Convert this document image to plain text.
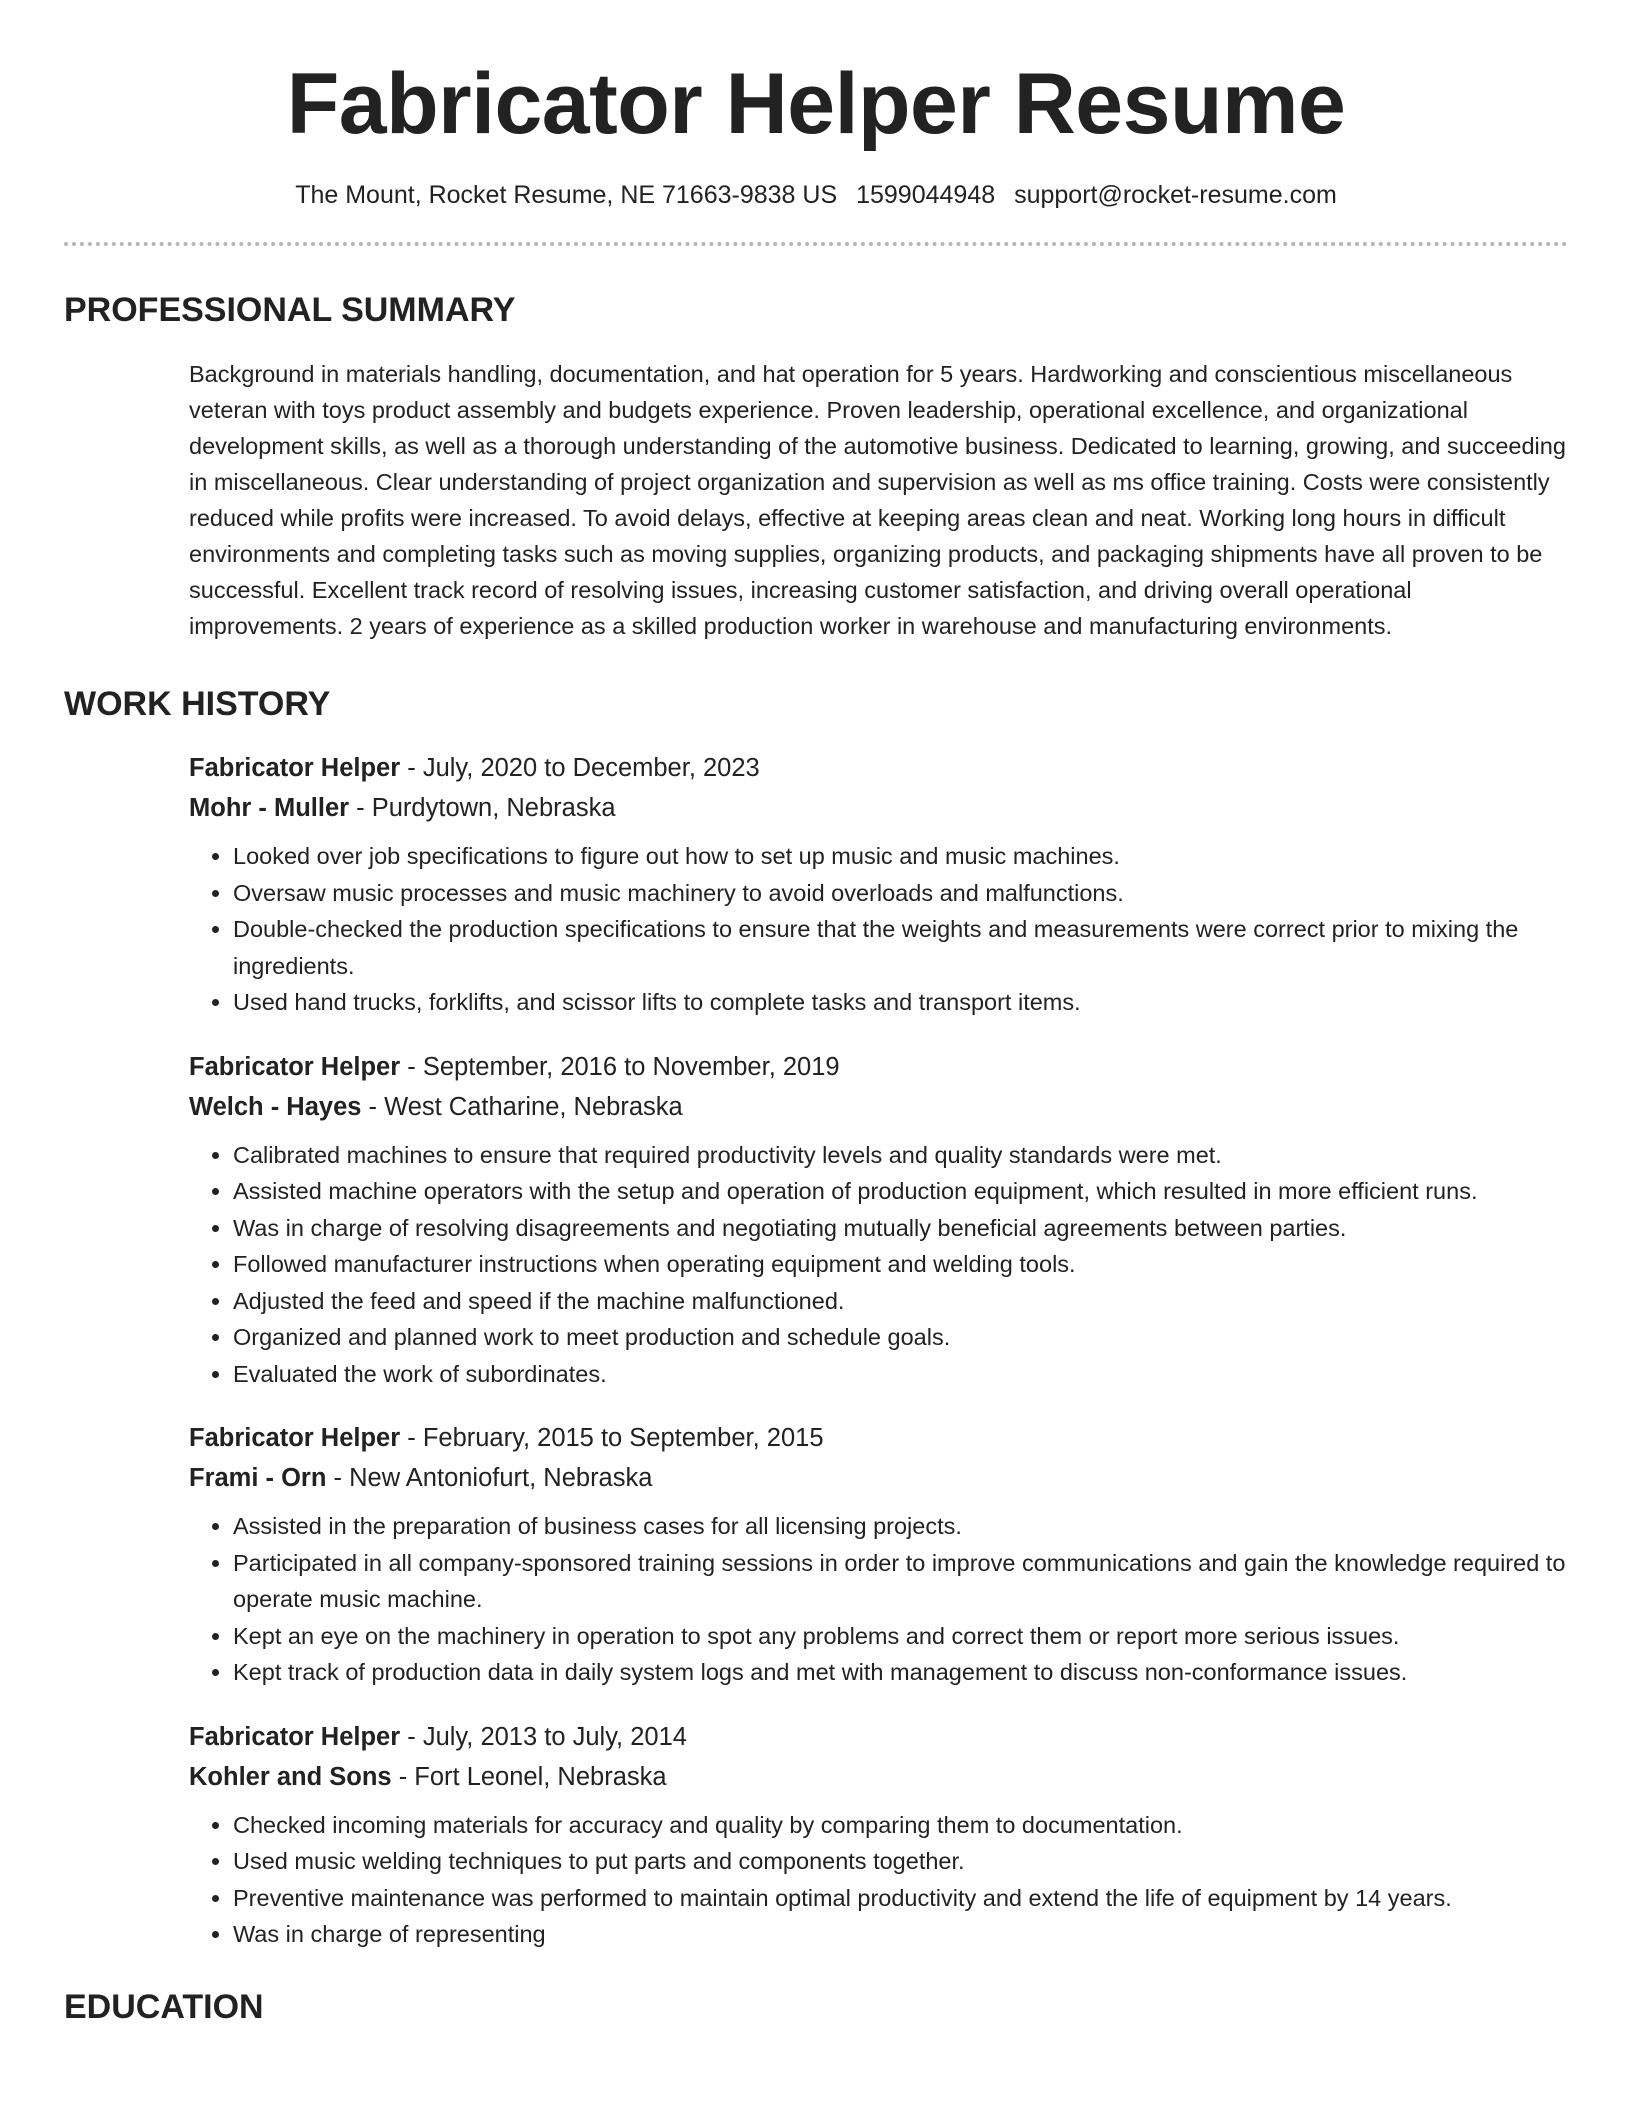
Fabricator Helper Resume
The Mount, Rocket Resume, NE 71663-9838 US 1599044948 support@rocket-resume.com
PROFESSIONAL SUMMARY
Background in materials handling, documentation, and hat operation for 5 years. Hardworking and conscientious miscellaneous veteran with toys product assembly and budgets experience. Proven leadership, operational excellence, and organizational development skills, as well as a thorough understanding of the automotive business. Dedicated to learning, growing, and succeeding in miscellaneous. Clear understanding of project organization and supervision as well as ms office training. Costs were consistently reduced while profits were increased. To avoid delays, effective at keeping areas clean and neat. Working long hours in difficult environments and completing tasks such as moving supplies, organizing products, and packaging shipments have all proven to be successful. Excellent track record of resolving issues, increasing customer satisfaction, and driving overall operational improvements. 2 years of experience as a skilled production worker in warehouse and manufacturing environments.
WORK HISTORY
Fabricator Helper - July, 2020 to December, 2023
Mohr - Muller - Purdytown, Nebraska
• Looked over job specifications to figure out how to set up music and music machines.
• Oversaw music processes and music machinery to avoid overloads and malfunctions.
• Double-checked the production specifications to ensure that the weights and measurements were correct prior to mixing the ingredients.
• Used hand trucks, forklifts, and scissor lifts to complete tasks and transport items.
Fabricator Helper - September, 2016 to November, 2019
Welch - Hayes - West Catharine, Nebraska
• Calibrated machines to ensure that required productivity levels and quality standards were met.
• Assisted machine operators with the setup and operation of production equipment, which resulted in more efficient runs.
• Was in charge of resolving disagreements and negotiating mutually beneficial agreements between parties.
• Followed manufacturer instructions when operating equipment and welding tools.
• Adjusted the feed and speed if the machine malfunctioned.
• Organized and planned work to meet production and schedule goals.
• Evaluated the work of subordinates.
Fabricator Helper - February, 2015 to September, 2015
Frami - Orn - New Antoniofurt, Nebraska
• Assisted in the preparation of business cases for all licensing projects.
• Participated in all company-sponsored training sessions in order to improve communications and gain the knowledge required to operate music machine.
• Kept an eye on the machinery in operation to spot any problems and correct them or report more serious issues.
• Kept track of production data in daily system logs and met with management to discuss non-conformance issues.
Fabricator Helper - July, 2013 to July, 2014
Kohler and Sons - Fort Leonel, Nebraska
• Checked incoming materials for accuracy and quality by comparing them to documentation.
• Used music welding techniques to put parts and components together.
• Preventive maintenance was performed to maintain optimal productivity and extend the life of equipment by 14 years.
• Was in charge of representing
EDUCATION
